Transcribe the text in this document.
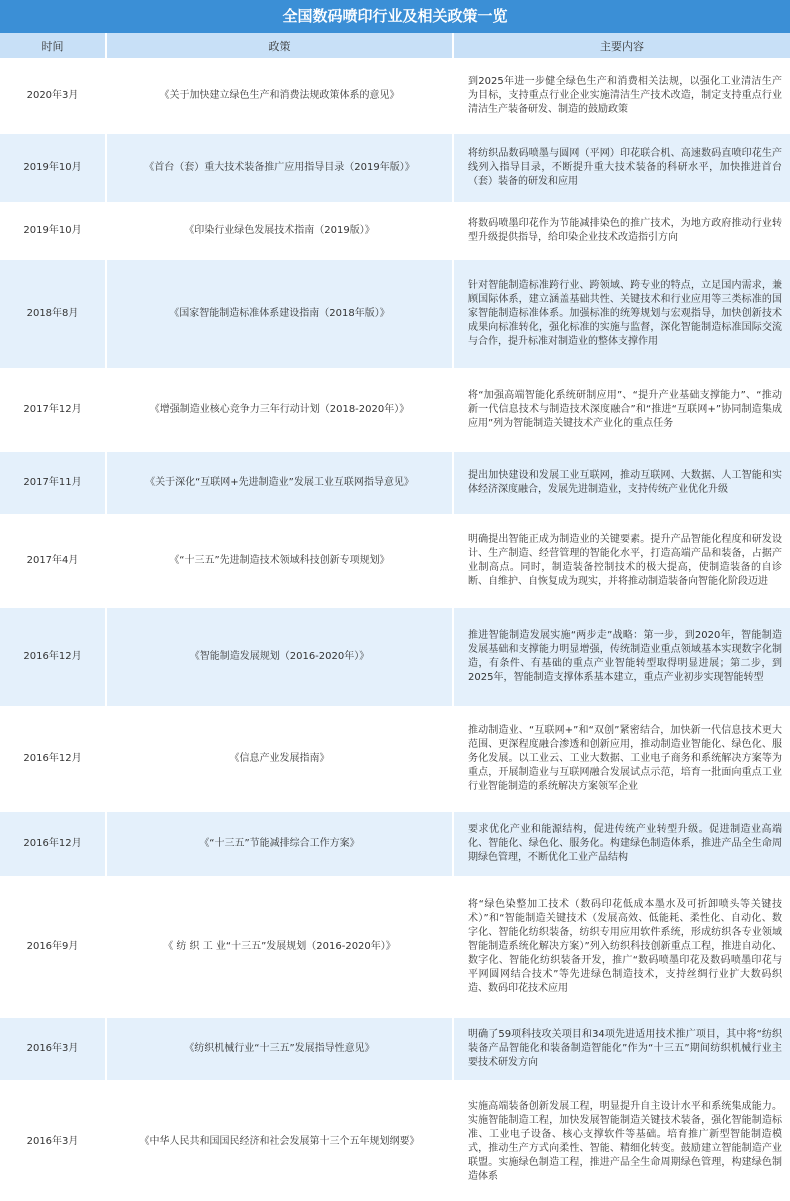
全国数码喷印行业及相关政策一览
时间	政策	主要内容
2020年3月	《关于加快建立绿色生产和消费法规政策体系的意见》	到2025年进一步健全绿色生产和消费相关法规，以强化工业清洁生产为目标，支持重点行业企业实施清洁生产技术改造，制定支持重点行业清洁生产装备研发、制造的鼓励政策
2019年10月	《首台（套）重大技术装备推广应用指导目录（2019年版）》	将纺织品数码喷墨与圆网（平网）印花联合机、高速数码直喷印花生产线列入指导目录，不断提升重大技术装备的科研水平，加快推进首台（套）装备的研发和应用
2019年10月	《印染行业绿色发展技术指南（2019版）》	将数码喷墨印花作为节能减排染色的推广技术，为地方政府推动行业转型升级提供指导，给印染企业技术改造指引方向
2018年8月	《国家智能制造标准体系建设指南（2018年版）》	针对智能制造标准跨行业、跨领域、跨专业的特点，立足国内需求，兼顾国际体系，建立涵盖基础共性、关键技术和行业应用等三类标准的国家智能制造标准体系。加强标准的统筹规划与宏观指导，加快创新技术成果向标准转化，强化标准的实施与监督，深化智能制造标准国际交流与合作，提升标准对制造业的整体支撑作用
2017年12月	《增强制造业核心竞争力三年行动计划（2018-2020年）》	将“加强高端智能化系统研制应用”、“提升产业基础支撑能力”、“推动新一代信息技术与制造技术深度融合”和“推进“互联网+”协同制造集成应用”列为智能制造关键技术产业化的重点任务
2017年11月	《关于深化“互联网+先进制造业”发展工业互联网指导意见》	提出加快建设和发展工业互联网，推动互联网、大数据、人工智能和实体经济深度融合，发展先进制造业，支持传统产业优化升级
2017年4月	《“十三五”先进制造技术领域科技创新专项规划》	明确提出智能正成为制造业的关键要素。提升产品智能化程度和研发设计、生产制造、经营管理的智能化水平，打造高端产品和装备，占据产业制高点。同时，制造装备控制技术的极大提高，使制造装备的自诊断、自维护、自恢复成为现实，并将推动制造装备向智能化阶段迈进
2016年12月	《智能制造发展规划（2016-2020年）》	推进智能制造发展实施“两步走”战略：第一步，到2020年，智能制造发展基础和支撑能力明显增强，传统制造业重点领域基本实现数字化制造，有条件、有基础的重点产业智能转型取得明显进展；第二步，到2025年，智能制造支撑体系基本建立，重点产业初步实现智能转型
2016年12月	《信息产业发展指南》	推动制造业、“互联网+”和“双创”紧密结合，加快新一代信息技术更大范围、更深程度融合渗透和创新应用，推动制造业智能化、绿色化、服务化发展。以工业云、工业大数据、工业电子商务和系统解决方案等为重点，开展制造业与互联网融合发展试点示范，培育一批面向重点工业行业智能制造的系统解决方案领军企业
2016年12月	《“十三五”节能减排综合工作方案》	要求优化产业和能源结构，促进传统产业转型升级。促进制造业高端化、智能化、绿色化、服务化。构建绿色制造体系，推进产品全生命周期绿色管理，不断优化工业产品结构
2016年9月	《 纺 织 工 业“十三五”发展规划（2016-2020年）》	将“绿色染整加工技术（数码印花低成本墨水及可折卸喷头等关键技术）”和“智能制造关键技术（发展高效、低能耗、柔性化、自动化、数字化、智能化纺织装备，纺织专用应用软件系统，形成纺织各专业领域智能制造系统化解决方案）”列入纺织科技创新重点工程，推进自动化、数字化、智能化纺织装备开发，推广“数码喷墨印花及数码喷墨印花与平网圆网结合技术”等先进绿色制造技术，支持丝绸行业扩大数码织造、数码印花技术应用
2016年3月	《纺织机械行业“十三五”发展指导性意见》	明确了59项科技攻关项目和34项先进适用技术推广项目，其中将“纺织装备产品智能化和装备制造智能化”作为“十三五”期间纺织机械行业主要技术研发方向
2016年3月	《中华人民共和国国民经济和社会发展第十三个五年规划纲要》	实施高端装备创新发展工程，明显提升自主设计水平和系统集成能力。实施智能制造工程，加快发展智能制造关键技术装备，强化智能制造标准、工业电子设备、核心支撑软件等基础。培育推广新型智能制造模式，推动生产方式向柔性、智能、精细化转变。鼓励建立智能制造产业联盟。实施绿色制造工程，推进产品全生命周期绿色管理，构建绿色制造体系
